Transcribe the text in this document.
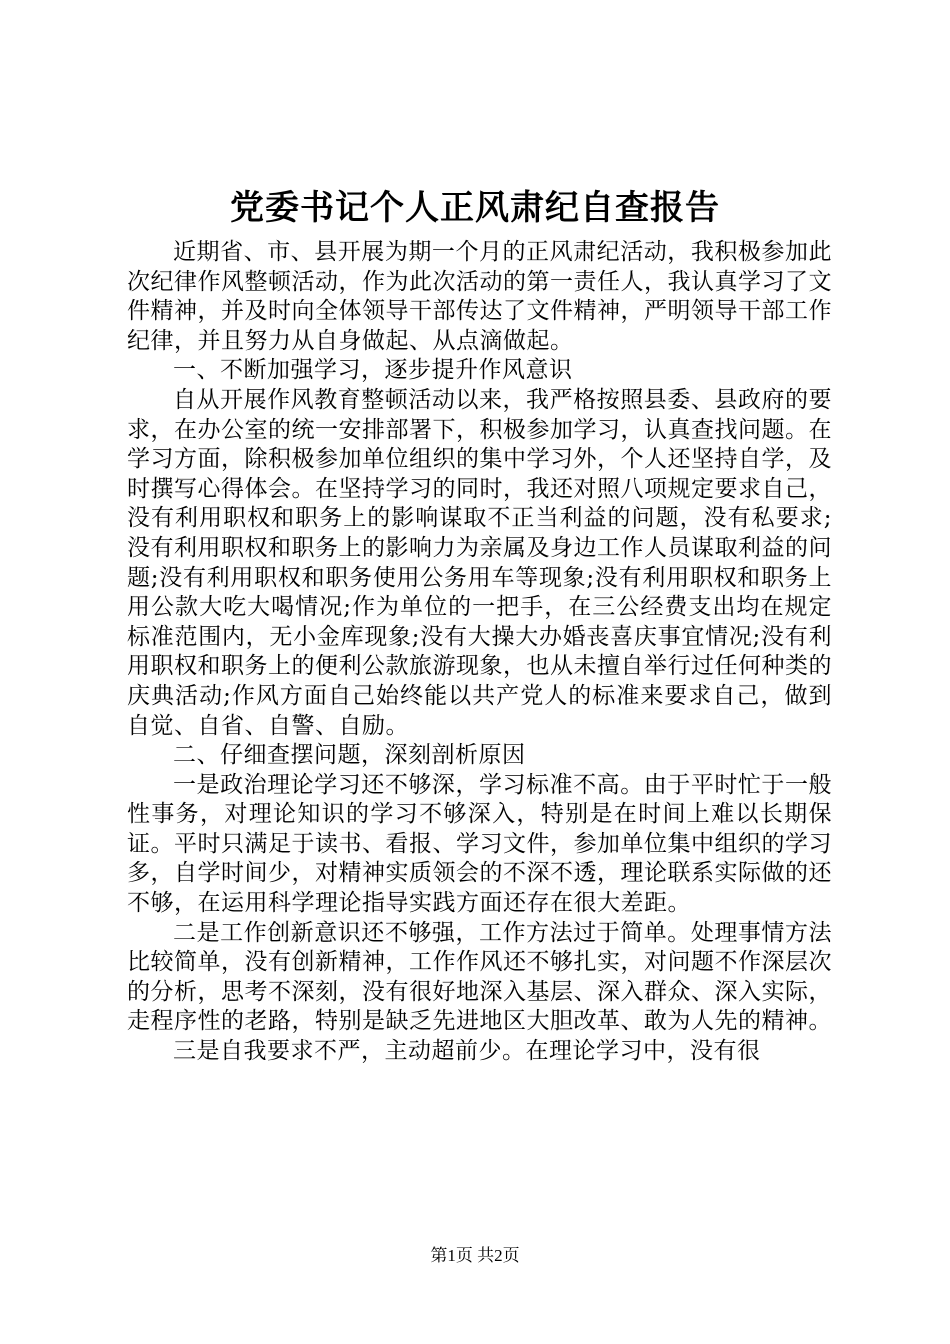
党委书记个人正风肃纪自查报告

近期省、市、县开展为期一个月的正风肃纪活动，我积极参加此次纪律作风整顿活动，作为此次活动的第一责任人，我认真学习了文件精神，并及时向全体领导干部传达了文件精神，严明领导干部工作纪律，并且努力从自身做起、从点滴做起。

一、不断加强学习，逐步提升作风意识

自从开展作风教育整顿活动以来，我严格按照县委、县政府的要求，在办公室的统一安排部署下，积极参加学习，认真查找问题。在学习方面，除积极参加单位组织的集中学习外，个人还坚持自学，及时撰写心得体会。在坚持学习的同时，我还对照八项规定要求自己，没有利用职权和职务上的影响谋取不正当利益的问题，没有私要求;没有利用职权和职务上的影响力为亲属及身边工作人员谋取利益的问题;没有利用职权和职务使用公务用车等现象;没有利用职权和职务上用公款大吃大喝情况;作为单位的一把手，在三公经费支出均在规定标准范围内，无小金库现象;没有大操大办婚丧喜庆事宜情况;没有利用职权和职务上的便利公款旅游现象，也从未擅自举行过任何种类的庆典活动;作风方面自己始终能以共产党人的标准来要求自己，做到自觉、自省、自警、自励。

二、仔细查摆问题，深刻剖析原因

一是政治理论学习还不够深，学习标准不高。由于平时忙于一般性事务，对理论知识的学习不够深入，特别是在时间上难以长期保证。平时只满足于读书、看报、学习文件，参加单位集中组织的学习多，自学时间少，对精神实质领会的不深不透，理论联系实际做的还不够，在运用科学理论指导实践方面还存在很大差距。

二是工作创新意识还不够强，工作方法过于简单。处理事情方法比较简单，没有创新精神，工作作风还不够扎实，对问题不作深层次的分析，思考不深刻，没有很好地深入基层、深入群众、深入实际，走程序性的老路，特别是缺乏先进地区大胆改革、敢为人先的精神。

三是自我要求不严，主动超前少。在理论学习中，没有很

第1页 共2页
